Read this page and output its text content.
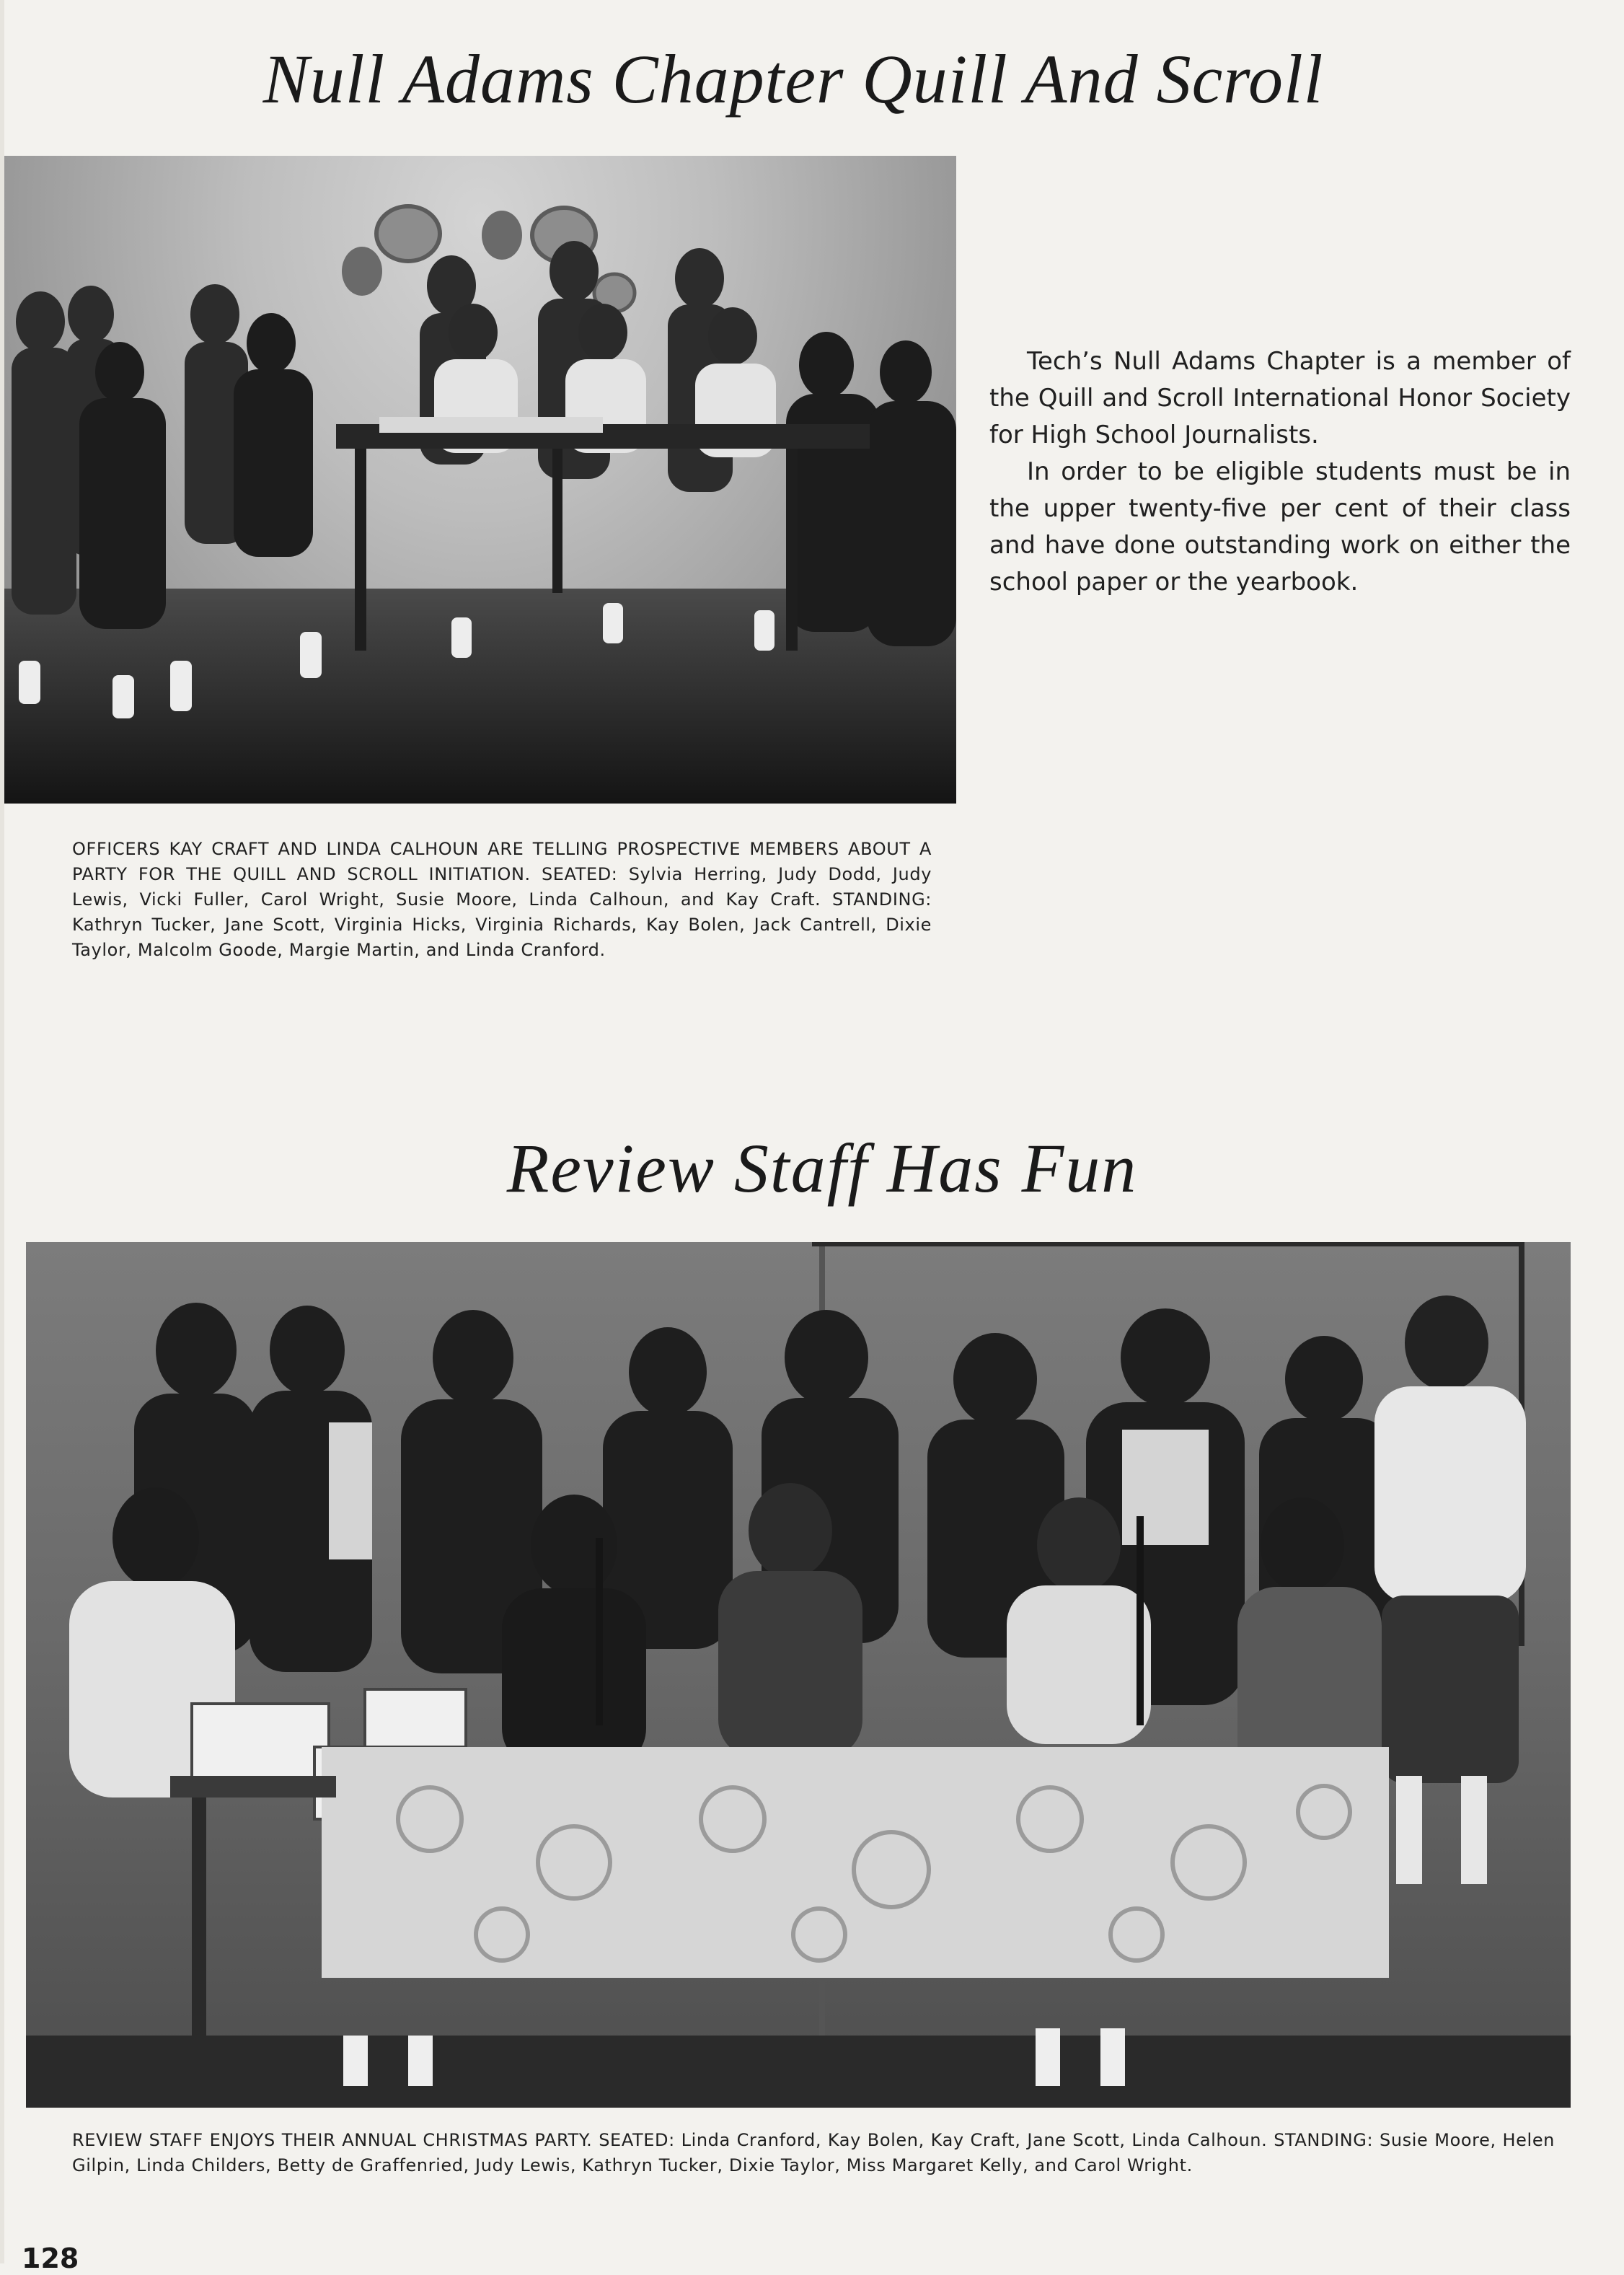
Null Adams Chapter Quill And Scroll

Tech’s Null Adams Chapter is a member of the Quill and Scroll International Honor Society for High School Journalists.

In order to be eligible students must be in the upper twenty-five per cent of their class and have done outstanding work on either the school paper or the yearbook.

OFFICERS KAY CRAFT AND LINDA CALHOUN ARE TELLING PROSPECTIVE MEMBERS ABOUT A PARTY FOR THE QUILL AND SCROLL INITIATION. SEATED: Sylvia Herring, Judy Dodd, Judy Lewis, Vicki Fuller, Carol Wright, Susie Moore, Linda Calhoun, and Kay Craft. STANDING: Kathryn Tucker, Jane Scott, Virginia Hicks, Virginia Richards, Kay Bolen, Jack Cantrell, Dixie Taylor, Malcolm Goode, Margie Martin, and Linda Cranford.
Review Staff Has Fun
REVIEW STAFF ENJOYS THEIR ANNUAL CHRISTMAS PARTY. SEATED: Linda Cranford, Kay Bolen, Kay Craft, Jane Scott, Linda Calhoun. STANDING: Susie Moore, Helen Gilpin, Linda Childers, Betty de Graffenried, Judy Lewis, Kathryn Tucker, Dixie Taylor, Miss Margaret Kelly, and Carol Wright.
128
